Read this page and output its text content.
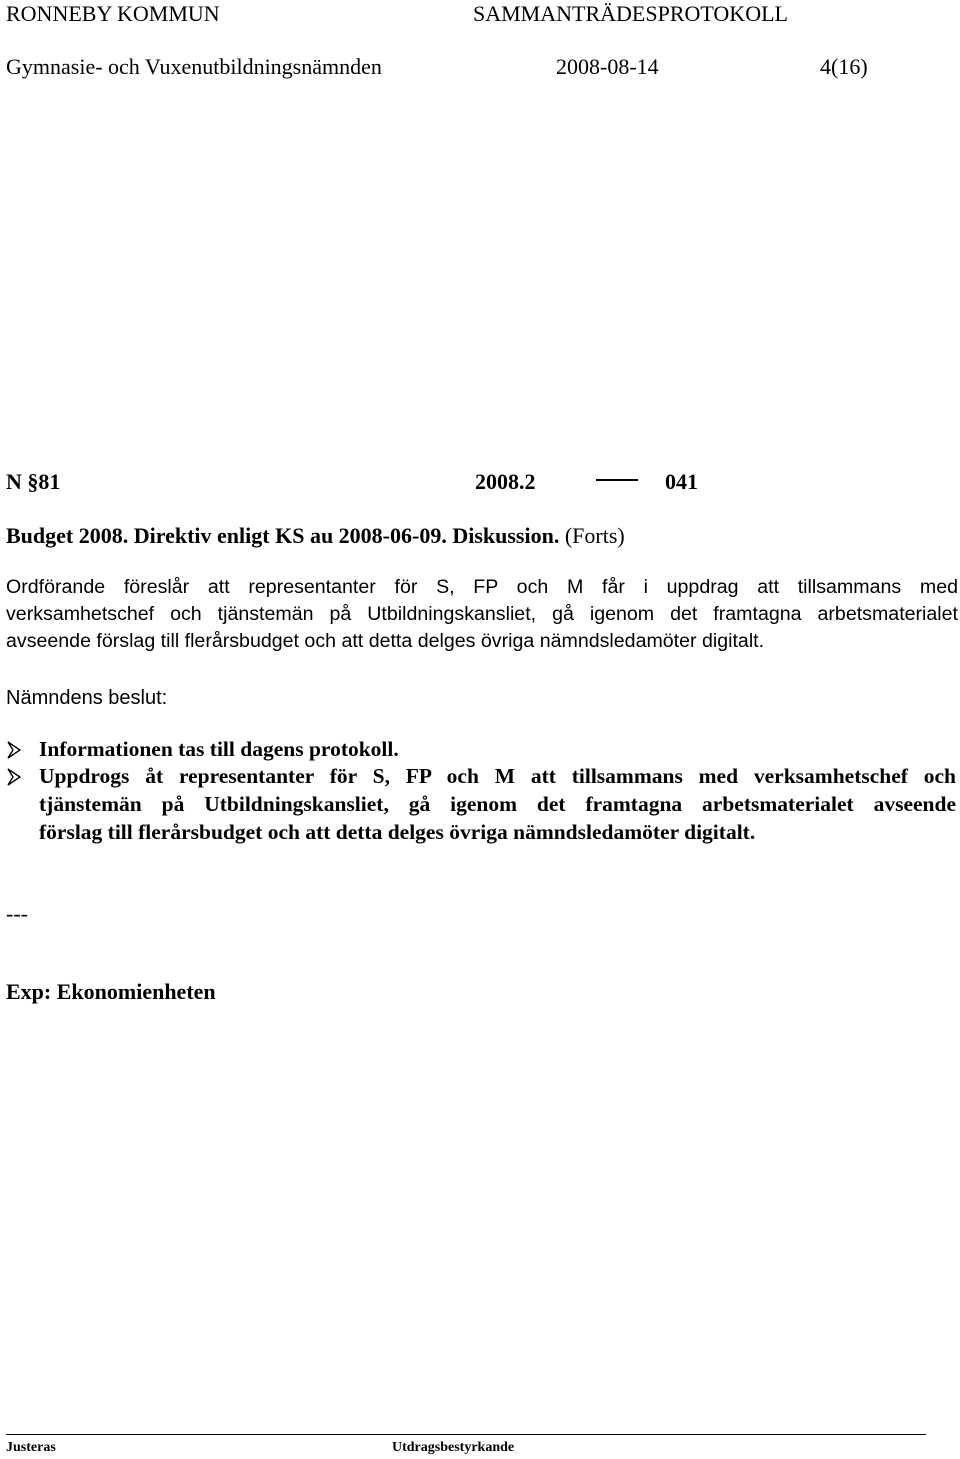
RONNEBY KOMMUN	SAMMANTRÄDESPROTOKOLL
Gymnasie- och Vuxenutbildningsnämnden	2008-08-14	4(16)
N §81	2008.2	041
Budget 2008. Direktiv enligt KS au 2008-06-09. Diskussion. (Forts)
Ordförande föreslår att representanter för S, FP och M får i uppdrag att tillsammans med
verksamhetschef och tjänstemän på Utbildningskansliet, gå igenom det framtagna arbetsmaterialet
avseende förslag till flerårsbudget och att detta delges övriga nämndsledamöter digitalt.
Nämndens beslut:
Informationen tas till dagens protokoll.
Uppdrogs åt representanter för S, FP och M att tillsammans med verksamhetschef och
tjänstemän på Utbildningskansliet, gå igenom det framtagna arbetsmaterialet avseende
förslag till flerårsbudget och att detta delges övriga nämndsledamöter digitalt.
---
Exp: Ekonomienheten
Justeras	Utdragsbestyrkande
